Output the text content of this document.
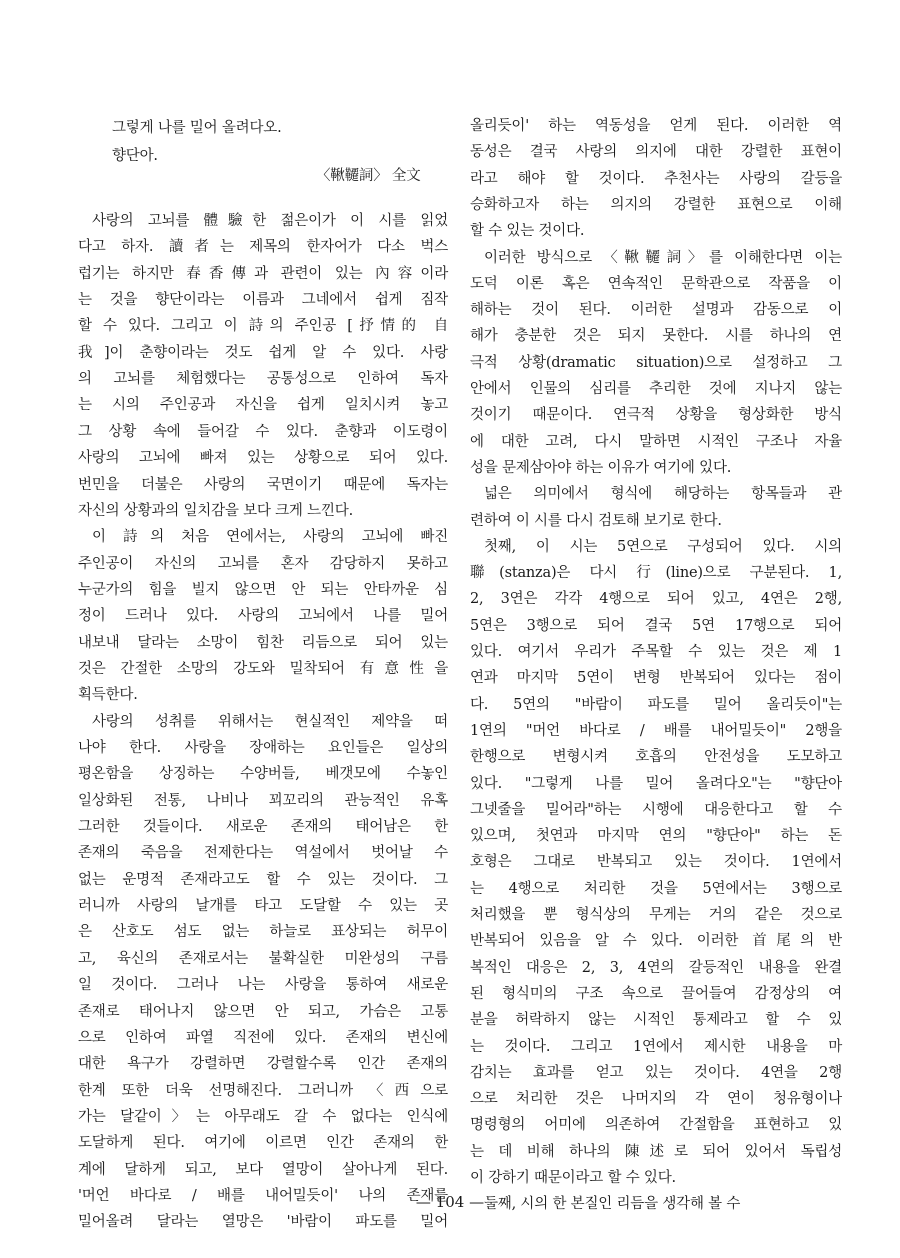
그렇게 나를 밀어 올려다오.
향단아.
〈鞦韆詞〉 全文
사랑의 고뇌를 體驗한 젊은이가 이 시를 읽었
다고 하자. 讀者는 제목의 한자어가 다소 벅스
럽기는 하지만 春香傳과 관련이 있는 內容이라
는 것을 향단이라는 이름과 그네에서 쉽게 짐작
할 수 있다. 그리고 이 詩의 주인공 [抒情的 自
我]이 춘향이라는 것도 쉽게 알 수 있다. 사랑
의 고뇌를 체험했다는 공통성으로 인하여 독자
는 시의 주인공과 자신을 쉽게 일치시켜 놓고
그 상황 속에 들어갈 수 있다. 춘향과 이도령이
사랑의 고뇌에 빠져 있는 상황으로 되어 있다.
번민을 더불은 사랑의 국면이기 때문에 독자는
자신의 상황과의 일치감을 보다 크게 느낀다.
이 詩의 처음 연에서는, 사랑의 고뇌에 빠진
주인공이 자신의 고뇌를 혼자 감당하지 못하고
누군가의 힘을 빌지 않으면 안 되는 안타까운 심
정이 드러나 있다. 사랑의 고뇌에서 나를 밀어
내보내 달라는 소망이 힘찬 리듬으로 되어 있는
것은 간절한 소망의 강도와 밀착되어 有意性을
획득한다.
사랑의 성취를 위해서는 현실적인 제약을 떠
나야 한다. 사랑을 장애하는 요인들은 일상의
평온함을 상징하는 수양버들, 베갯모에 수놓인
일상화된 전통, 나비나 꾀꼬리의 관능적인 유혹
그러한 것들이다. 새로운 존재의 태어남은 한
존재의 죽음을 전제한다는 역설에서 벗어날 수
없는 운명적 존재라고도 할 수 있는 것이다. 그
러니까 사랑의 날개를 타고 도달할 수 있는 곳
은 산호도 섬도 없는 하늘로 표상되는 허무이
고, 육신의 존재로서는 불확실한 미완성의 구름
일 것이다. 그러나 나는 사랑을 통하여 새로운
존재로 태어나지 않으면 안 되고, 가슴은 고통
으로 인하여 파열 직전에 있다. 존재의 변신에
대한 욕구가 강렬하면 강렬할수록 인간 존재의
한계 또한 더욱 선명해진다. 그러니까 〈西으로
가는 달같이〉는 아무래도 갈 수 없다는 인식에
도달하게 된다. 여기에 이르면 인간 존재의 한
계에 달하게 되고, 보다 열망이 살아나게 된다.
'머언 바다로 / 배를 내어밀듯이' 나의 존재를
밀어올려 달라는 열망은 '바람이 파도를 밀어
올리듯이' 하는 역동성을 얻게 된다. 이러한 역
동성은 결국 사랑의 의지에 대한 강렬한 표현이
라고 해야 할 것이다. 추천사는 사랑의 갈등을
승화하고자 하는 의지의 강렬한 표현으로 이해
할 수 있는 것이다.
이러한 방식으로 〈鞦韆詞〉를 이해한다면 이는
도덕 이론 혹은 연속적인 문학관으로 작품을 이
해하는 것이 된다. 이러한 설명과 감동으로 이
해가 충분한 것은 되지 못한다. 시를 하나의 연
극적 상황(dramatic situation)으로 설정하고 그
안에서 인물의 심리를 추리한 것에 지나지 않는
것이기 때문이다. 연극적 상황을 형상화한 방식
에 대한 고려, 다시 말하면 시적인 구조나 자율
성을 문제삼아야 하는 이유가 여기에 있다.
넓은 의미에서 형식에 해당하는 항목들과 관
련하여 이 시를 다시 검토해 보기로 한다.
첫째, 이 시는 5연으로 구성되어 있다. 시의
聯(stanza)은 다시 行(line)으로 구분된다. 1,
2, 3연은 각각 4행으로 되어 있고, 4연은 2행,
5연은 3행으로 되어 결국 5연 17행으로 되어
있다. 여기서 우리가 주목할 수 있는 것은 제 1
연과 마지막 5연이 변형 반복되어 있다는 점이
다. 5연의 "바람이 파도를 밀어 올리듯이"는
1연의 "머언 바다로 / 배를 내어밀듯이" 2행을
한행으로 변형시켜 호흡의 안전성을 도모하고
있다. "그렇게 나를 밀어 올려다오"는 "향단아
그넷줄을 밀어라"하는 시행에 대응한다고 할 수
있으며, 첫연과 마지막 연의 "향단아" 하는 돈
호형은 그대로 반복되고 있는 것이다. 1연에서
는 4행으로 처리한 것을 5연에서는 3행으로
처리했을 뿐 형식상의 무게는 거의 같은 것으로
반복되어 있음을 알 수 있다. 이러한 首尾의 반
복적인 대응은 2, 3, 4연의 갈등적인 내용을 완결
된 형식미의 구조 속으로 끌어들여 감정상의 여
분을 허락하지 않는 시적인 통제라고 할 수 있
는 것이다. 그리고 1연에서 제시한 내용을 마
감치는 효과를 얻고 있는 것이다. 4연을 2행
으로 처리한 것은 나머지의 각 연이 청유형이나
명령형의 어미에 의존하여 간절함을 표현하고 있
는 데 비해 하나의 陳述로 되어 있어서 독립성
이 강하기 때문이라고 할 수 있다.
둘째, 시의 한 본질인 리듬을 생각해 볼 수
— 104 —
